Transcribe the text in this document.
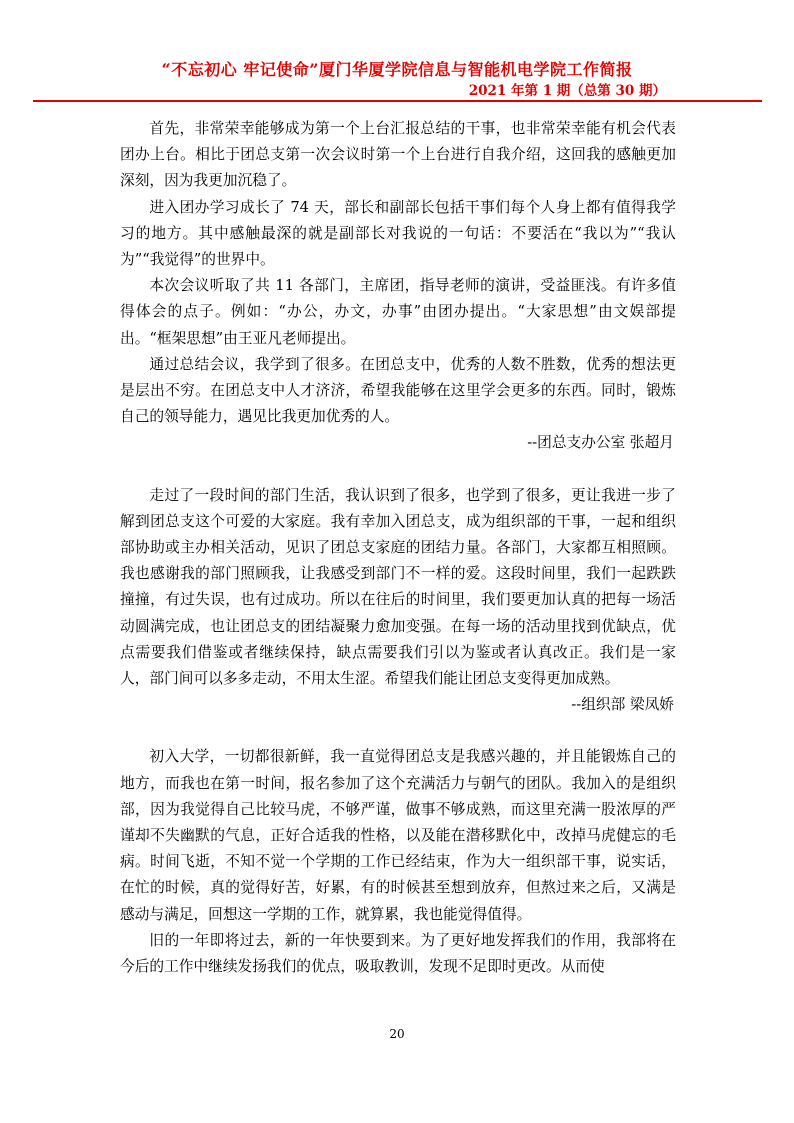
“不忘初心 牢记使命”厦门华厦学院信息与智能机电学院工作简报
2021 年第 1 期（总第 30 期）

首先，非常荣幸能够成为第一个上台汇报总结的干事，也非常荣幸能有机会代表团办上台。相比于团总支第一次会议时第一个上台进行自我介绍，这回我的感触更加深刻，因为我更加沉稳了。

进入团办学习成长了 74 天，部长和副部长包括干事们每个人身上都有值得我学习的地方。其中感触最深的就是副部长对我说的一句话：不要活在“我以为”“我认为”“我觉得”的世界中。

本次会议听取了共 11 各部门，主席团，指导老师的演讲，受益匪浅。有许多值得体会的点子。例如：“办公，办文，办事”由团办提出。“大家思想”由文娱部提出。“框架思想”由王亚凡老师提出。

通过总结会议，我学到了很多。在团总支中，优秀的人数不胜数，优秀的想法更是层出不穷。在团总支中人才济济，希望我能够在这里学会更多的东西。同时，锻炼自己的领导能力，遇见比我更加优秀的人。

--团总支办公室 张超月

走过了一段时间的部门生活，我认识到了很多，也学到了很多，更让我进一步了解到团总支这个可爱的大家庭。我有幸加入团总支，成为组织部的干事，一起和组织部协助或主办相关活动，见识了团总支家庭的团结力量。各部门，大家都互相照顾。我也感谢我的部门照顾我，让我感受到部门不一样的爱。这段时间里，我们一起跌跌撞撞，有过失误，也有过成功。所以在往后的时间里，我们要更加认真的把每一场活动圆满完成，也让团总支的团结凝聚力愈加变强。在每一场的活动里找到优缺点，优点需要我们借鉴或者继续保持，缺点需要我们引以为鉴或者认真改正。我们是一家人，部门间可以多多走动，不用太生涩。希望我们能让团总支变得更加成熟。

--组织部 梁凤娇

初入大学，一切都很新鲜，我一直觉得团总支是我感兴趣的，并且能锻炼自己的地方，而我也在第一时间，报名参加了这个充满活力与朝气的团队。我加入的是组织部，因为我觉得自己比较马虎，不够严谨，做事不够成熟，而这里充满一股浓厚的严谨却不失幽默的气息，正好合适我的性格，以及能在潜移默化中，改掉马虎健忘的毛病。时间飞逝，不知不觉一个学期的工作已经结束，作为大一组织部干事，说实话，在忙的时候，真的觉得好苦，好累，有的时候甚至想到放弃，但熬过来之后，又满是感动与满足，回想这一学期的工作，就算累，我也能觉得值得。

旧的一年即将过去，新的一年快要到来。为了更好地发挥我们的作用，我部将在今后的工作中继续发扬我们的优点，吸取教训，发现不足即时更改。从而使

20
